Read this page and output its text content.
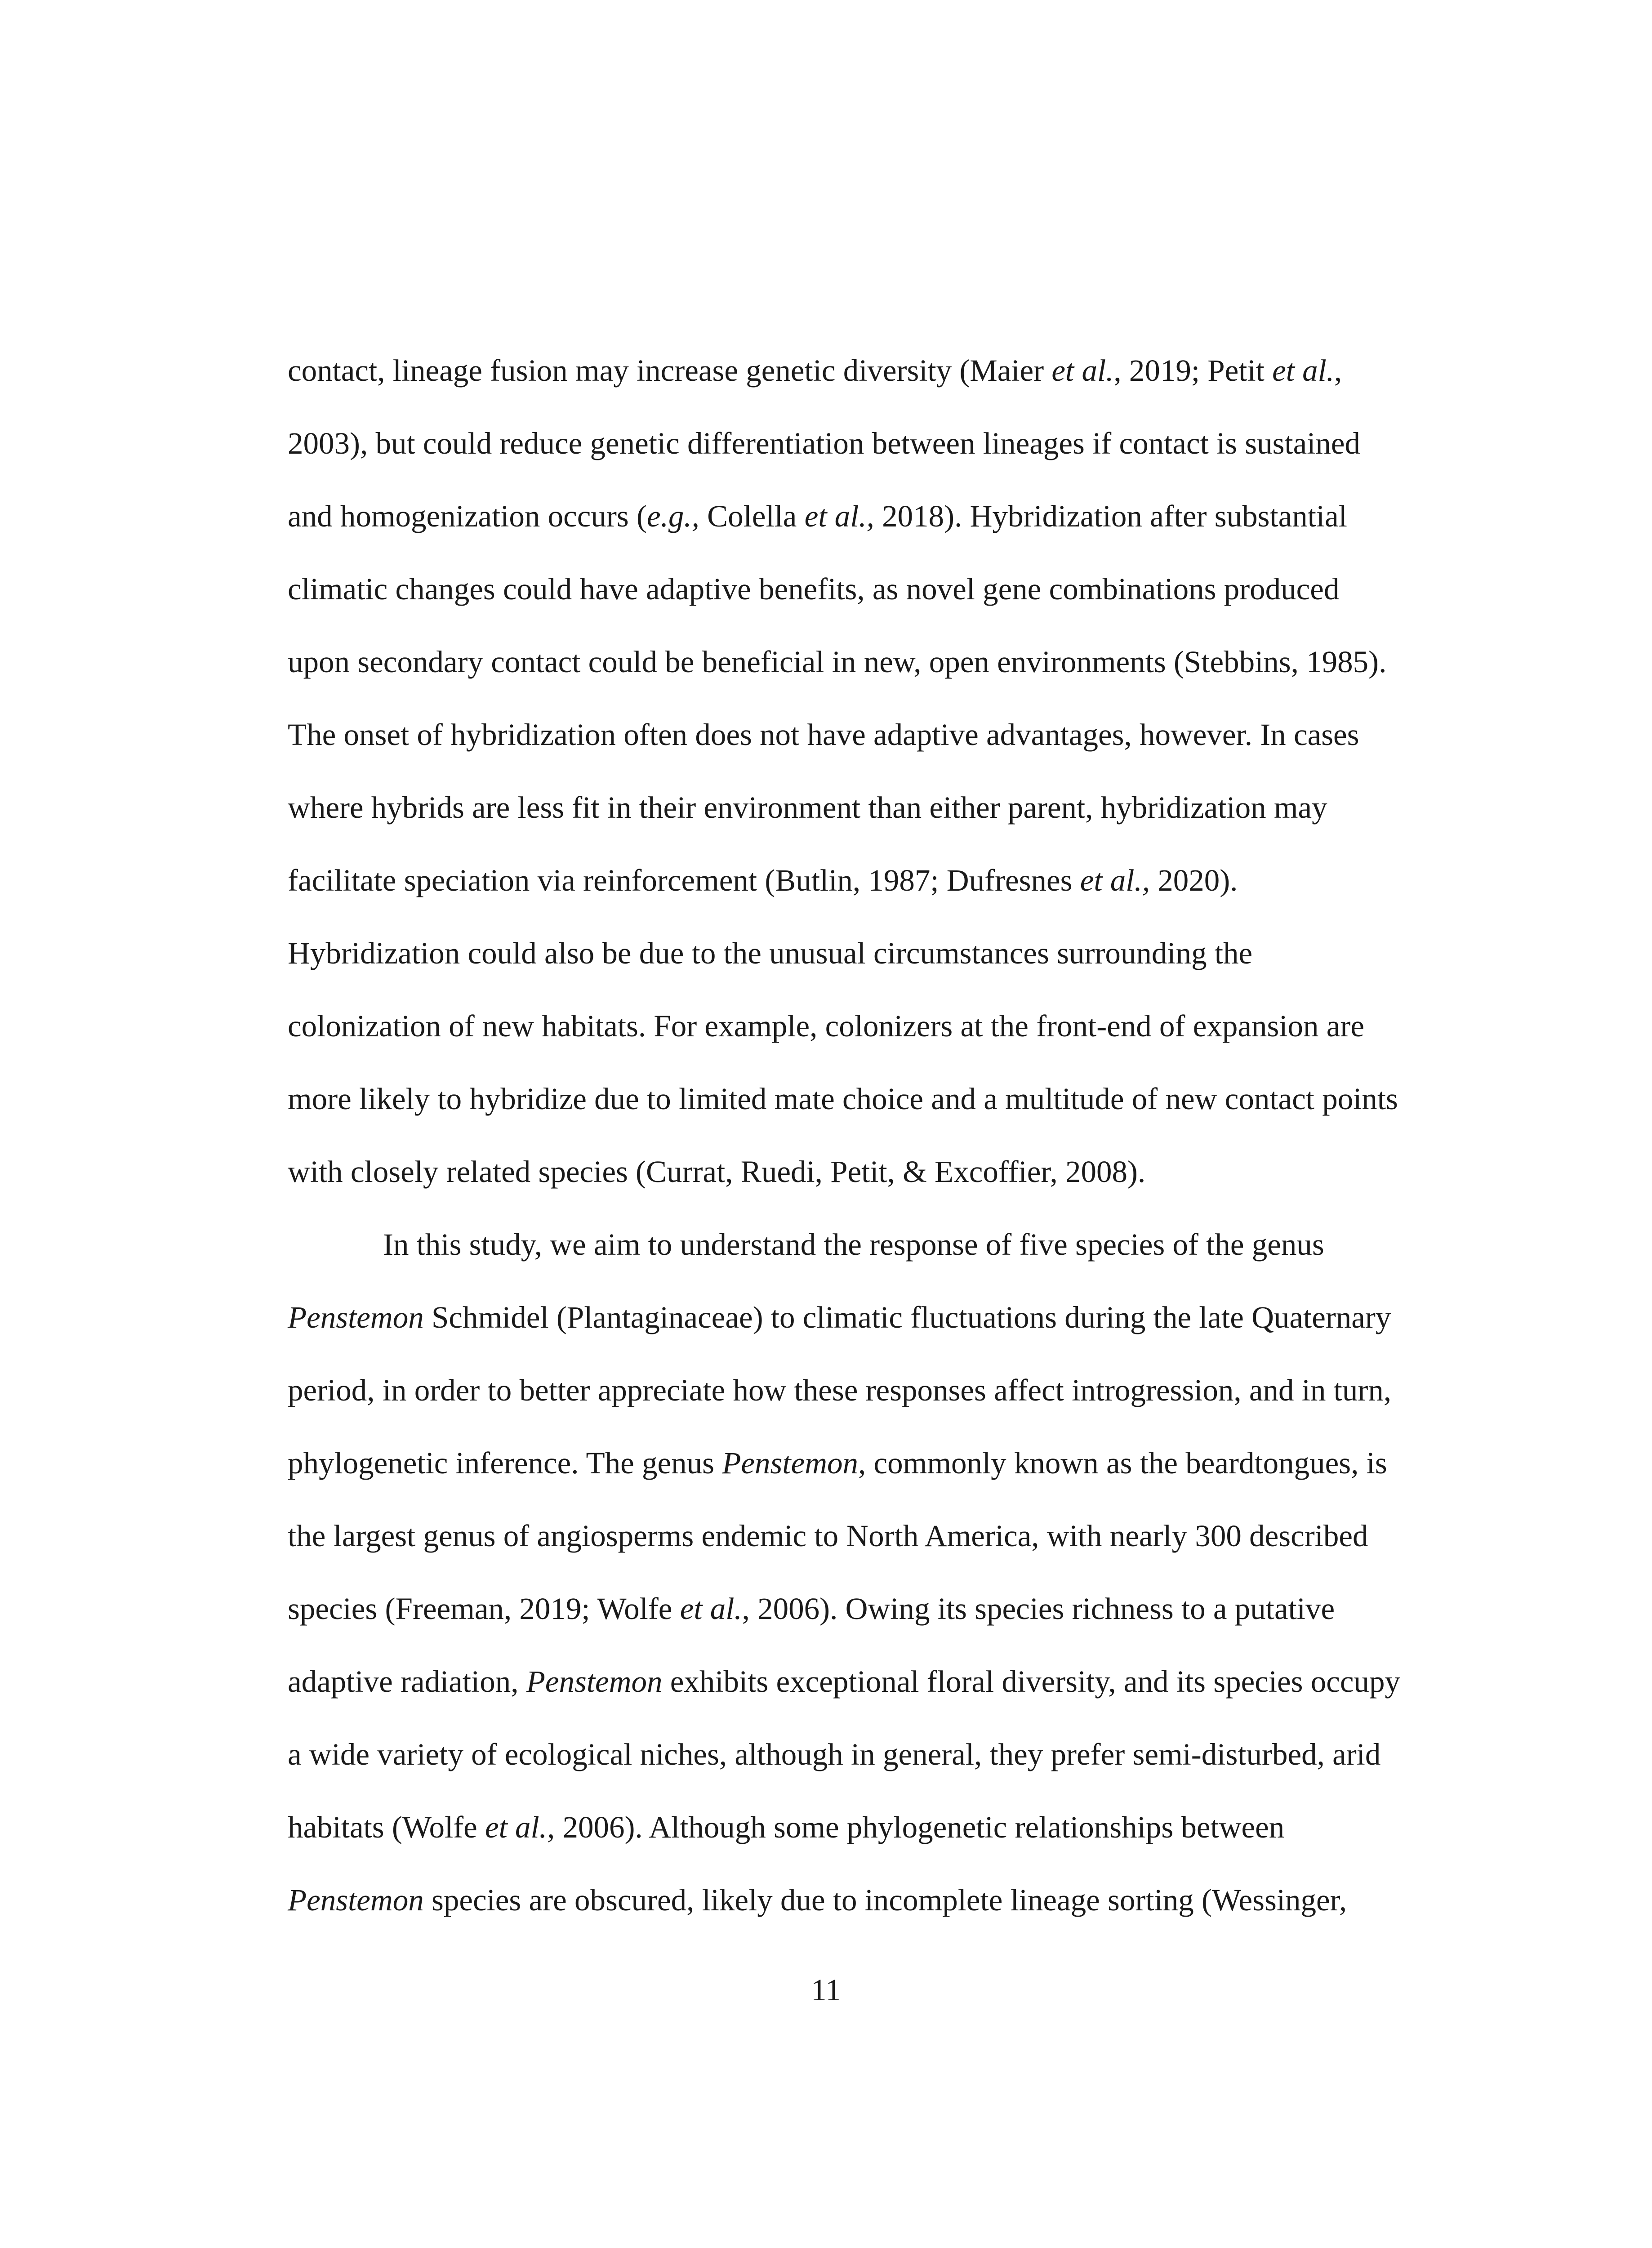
contact, lineage fusion may increase genetic diversity (Maier et al., 2019; Petit et al.,
2003), but could reduce genetic differentiation between lineages if contact is sustained
and homogenization occurs (e.g., Colella et al., 2018). Hybridization after substantial
climatic changes could have adaptive benefits, as novel gene combinations produced
upon secondary contact could be beneficial in new, open environments (Stebbins, 1985).
The onset of hybridization often does not have adaptive advantages, however. In cases
where hybrids are less fit in their environment than either parent, hybridization may
facilitate speciation via reinforcement (Butlin, 1987; Dufresnes et al., 2020).
Hybridization could also be due to the unusual circumstances surrounding the
colonization of new habitats. For example, colonizers at the front-end of expansion are
more likely to hybridize due to limited mate choice and a multitude of new contact points
with closely related species (Currat, Ruedi, Petit, & Excoffier, 2008).
In this study, we aim to understand the response of five species of the genus
Penstemon Schmidel (Plantaginaceae) to climatic fluctuations during the late Quaternary
period, in order to better appreciate how these responses affect introgression, and in turn,
phylogenetic inference. The genus Penstemon, commonly known as the beardtongues, is
the largest genus of angiosperms endemic to North America, with nearly 300 described
species (Freeman, 2019; Wolfe et al., 2006). Owing its species richness to a putative
adaptive radiation, Penstemon exhibits exceptional floral diversity, and its species occupy
a wide variety of ecological niches, although in general, they prefer semi-disturbed, arid
habitats (Wolfe et al., 2006). Although some phylogenetic relationships between
Penstemon species are obscured, likely due to incomplete lineage sorting (Wessinger,
11
